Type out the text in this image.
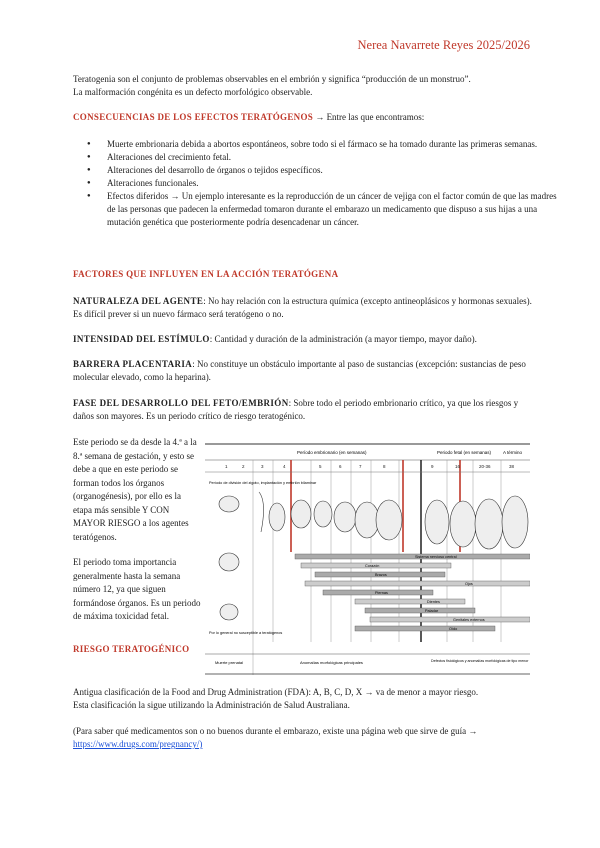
Nerea Navarrete Reyes 2025/2026

Teratogenia son el conjunto de problemas observables en el embrión y significa “producción de un monstruo”.
La malformación congénita es un defecto morfológico observable.

CONSECUENCIAS DE LOS EFECTOS TERATÓGENOS → Entre las que encontramos:

● Muerte embrionaria debida a abortos espontáneos, sobre todo si el fármaco se ha tomado durante las primeras semanas.
● Alteraciones del crecimiento fetal.
● Alteraciones del desarrollo de órganos o tejidos específicos.
● Alteraciones funcionales.
● Efectos diferidos → Un ejemplo interesante es la reproducción de un cáncer de vejiga con el factor común de que las madres de las personas que padecen la enfermedad tomaron durante el embarazo un medicamento que dispuso a sus hijas a una mutación genética que posteriormente podría desencadenar un cáncer.

FACTORES QUE INFLUYEN EN LA ACCIÓN TERATÓGENA

NATURALEZA DEL AGENTE: No hay relación con la estructura química (excepto antineoplásicos y hormonas sexuales). Es difícil prever si un nuevo fármaco será teratógeno o no.

INTENSIDAD DEL ESTÍMULO: Cantidad y duración de la administración (a mayor tiempo, mayor daño).

BARRERA PLACENTARIA: No constituye un obstáculo importante al paso de sustancias (excepción: sustancias de peso molecular elevado, como la heparina).

FASE DEL DESARROLLO DEL FETO/EMBRIÓN: Sobre todo el periodo embrionario crítico, ya que los riesgos y daños son mayores. Es un periodo crítico de riesgo teratogénico.

Este periodo se da desde la 4.ª a la 8.ª semana de gestación, y esto se debe a que en este periodo se forman todos los órganos (organogénesis), por ello es la etapa más sensible Y CON MAYOR RIESGO a los agentes teratógenos.

El periodo toma importancia generalmente hasta la semana número 12, ya que siguen formándose órganos. Es un periodo de máxima toxicidad fetal.

RIESGO TERATOGÉNICO

Período embrionario (en semanas)	Periodo fetal (en semanas)	A término
1	2	3	4	5	6	7	8	9	16	20-36	38
Período de división del zigoto, implantación y embrión bilaminar
Sistema nervioso central
Corazón
Brazos
Ojos
Piernas
Dientes
Paladar
Genitales externos
Oído
Por lo general no susceptible a teratógenos
Muerte prenatal	Anomalías morfológicas principales	Defectos fisiológicos y anomalías morfológicas de tipo menor

Antigua clasificación de la Food and Drug Administration (FDA): A, B, C, D, X → va de menor a mayor riesgo.
Esta clasificación la sigue utilizando la Administración de Salud Australiana.

(Para saber qué medicamentos son o no buenos durante el embarazo, existe una página web que sirve de guía →
https://www.drugs.com/pregnancy/)
